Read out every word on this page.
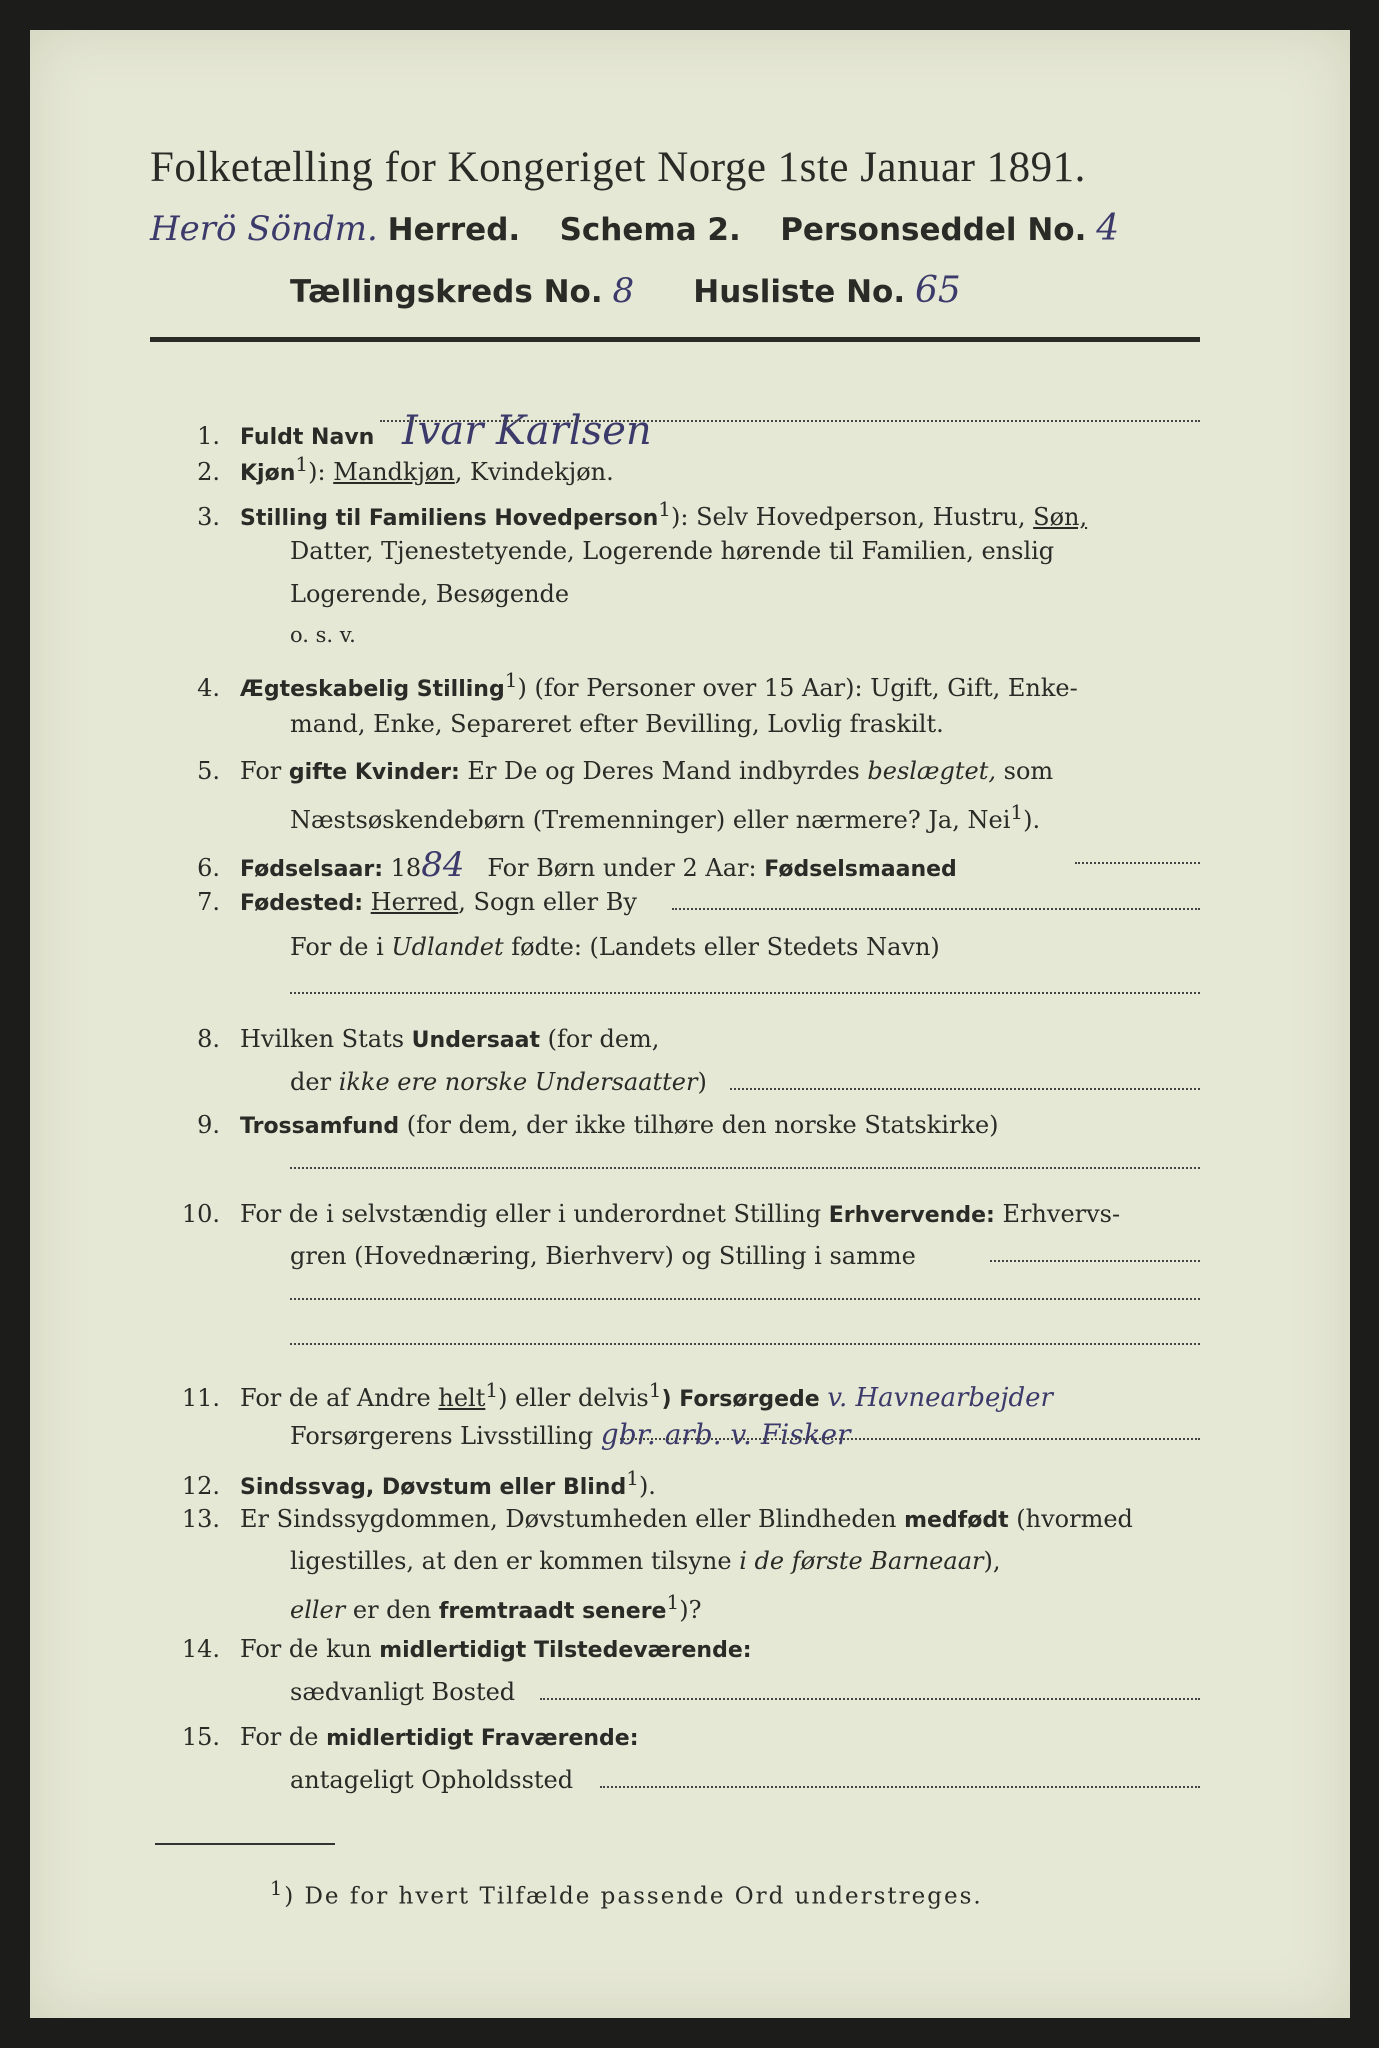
Folketælling for Kongeriget Norge 1ste Januar 1891.
Herö Söndm. Herred. Schema 2. Personseddel No. 4
Tællingskreds No. 8 Husliste No. 65
1. Fuldt Navn Ivar Karlsen
2. Kjøn$^1$): Mandkjøn, Kvindekjøn.
3. Stilling til Familiens Hovedperson$^1$): Selv Hovedperson, Hustru, Søn,
Datter, Tjenestetyende, Logerende hørende til Familien, enslig
Logerende, Besøgende
o. s. v.
4. Ægteskabelig Stilling$^1$) (for Personer over 15 Aar): Ugift, Gift, Enke-
mand, Enke, Separeret efter Bevilling, Lovlig fraskilt.
5. For gifte Kvinder: Er De og Deres Mand indbyrdes beslægtet, som
Næstsøskendebørn (Tremenninger) eller nærmere? Ja, Nei$^1$).
6. Fødselsaar: 1884 For Børn under 2 Aar: Fødselsmaaned
7. Fødested: Herred, Sogn eller By
For de i Udlandet fødte: (Landets eller Stedets Navn)
8. Hvilken Stats Undersaat (for dem,
der ikke ere norske Undersaatter)
9. Trossamfund (for dem, der ikke tilhøre den norske Statskirke)
10. For de i selvstændig eller i underordnet Stilling Erhvervende: Erhvervs-
gren (Hovednæring, Bierhverv) og Stilling i samme
11. For de af Andre helt$^1$) eller delvis$^1$) Forsørgede v. Havnearbejder
Forsørgerens Livsstilling gbr. arb. v. Fisker
12. Sindssvag, Døvstum eller Blind$^1$).
13. Er Sindssygdommen, Døvstumheden eller Blindheden medfødt (hvormed
ligestilles, at den er kommen tilsyne i de første Barneaar),
eller er den fremtraadt senere$^1$)?
14. For de kun midlertidigt Tilstedeværende:
sædvanligt Bosted
15. For de midlertidigt Fraværende:
antageligt Opholdssted
$^1$) De for hvert Tilfælde passende Ord understreges.
